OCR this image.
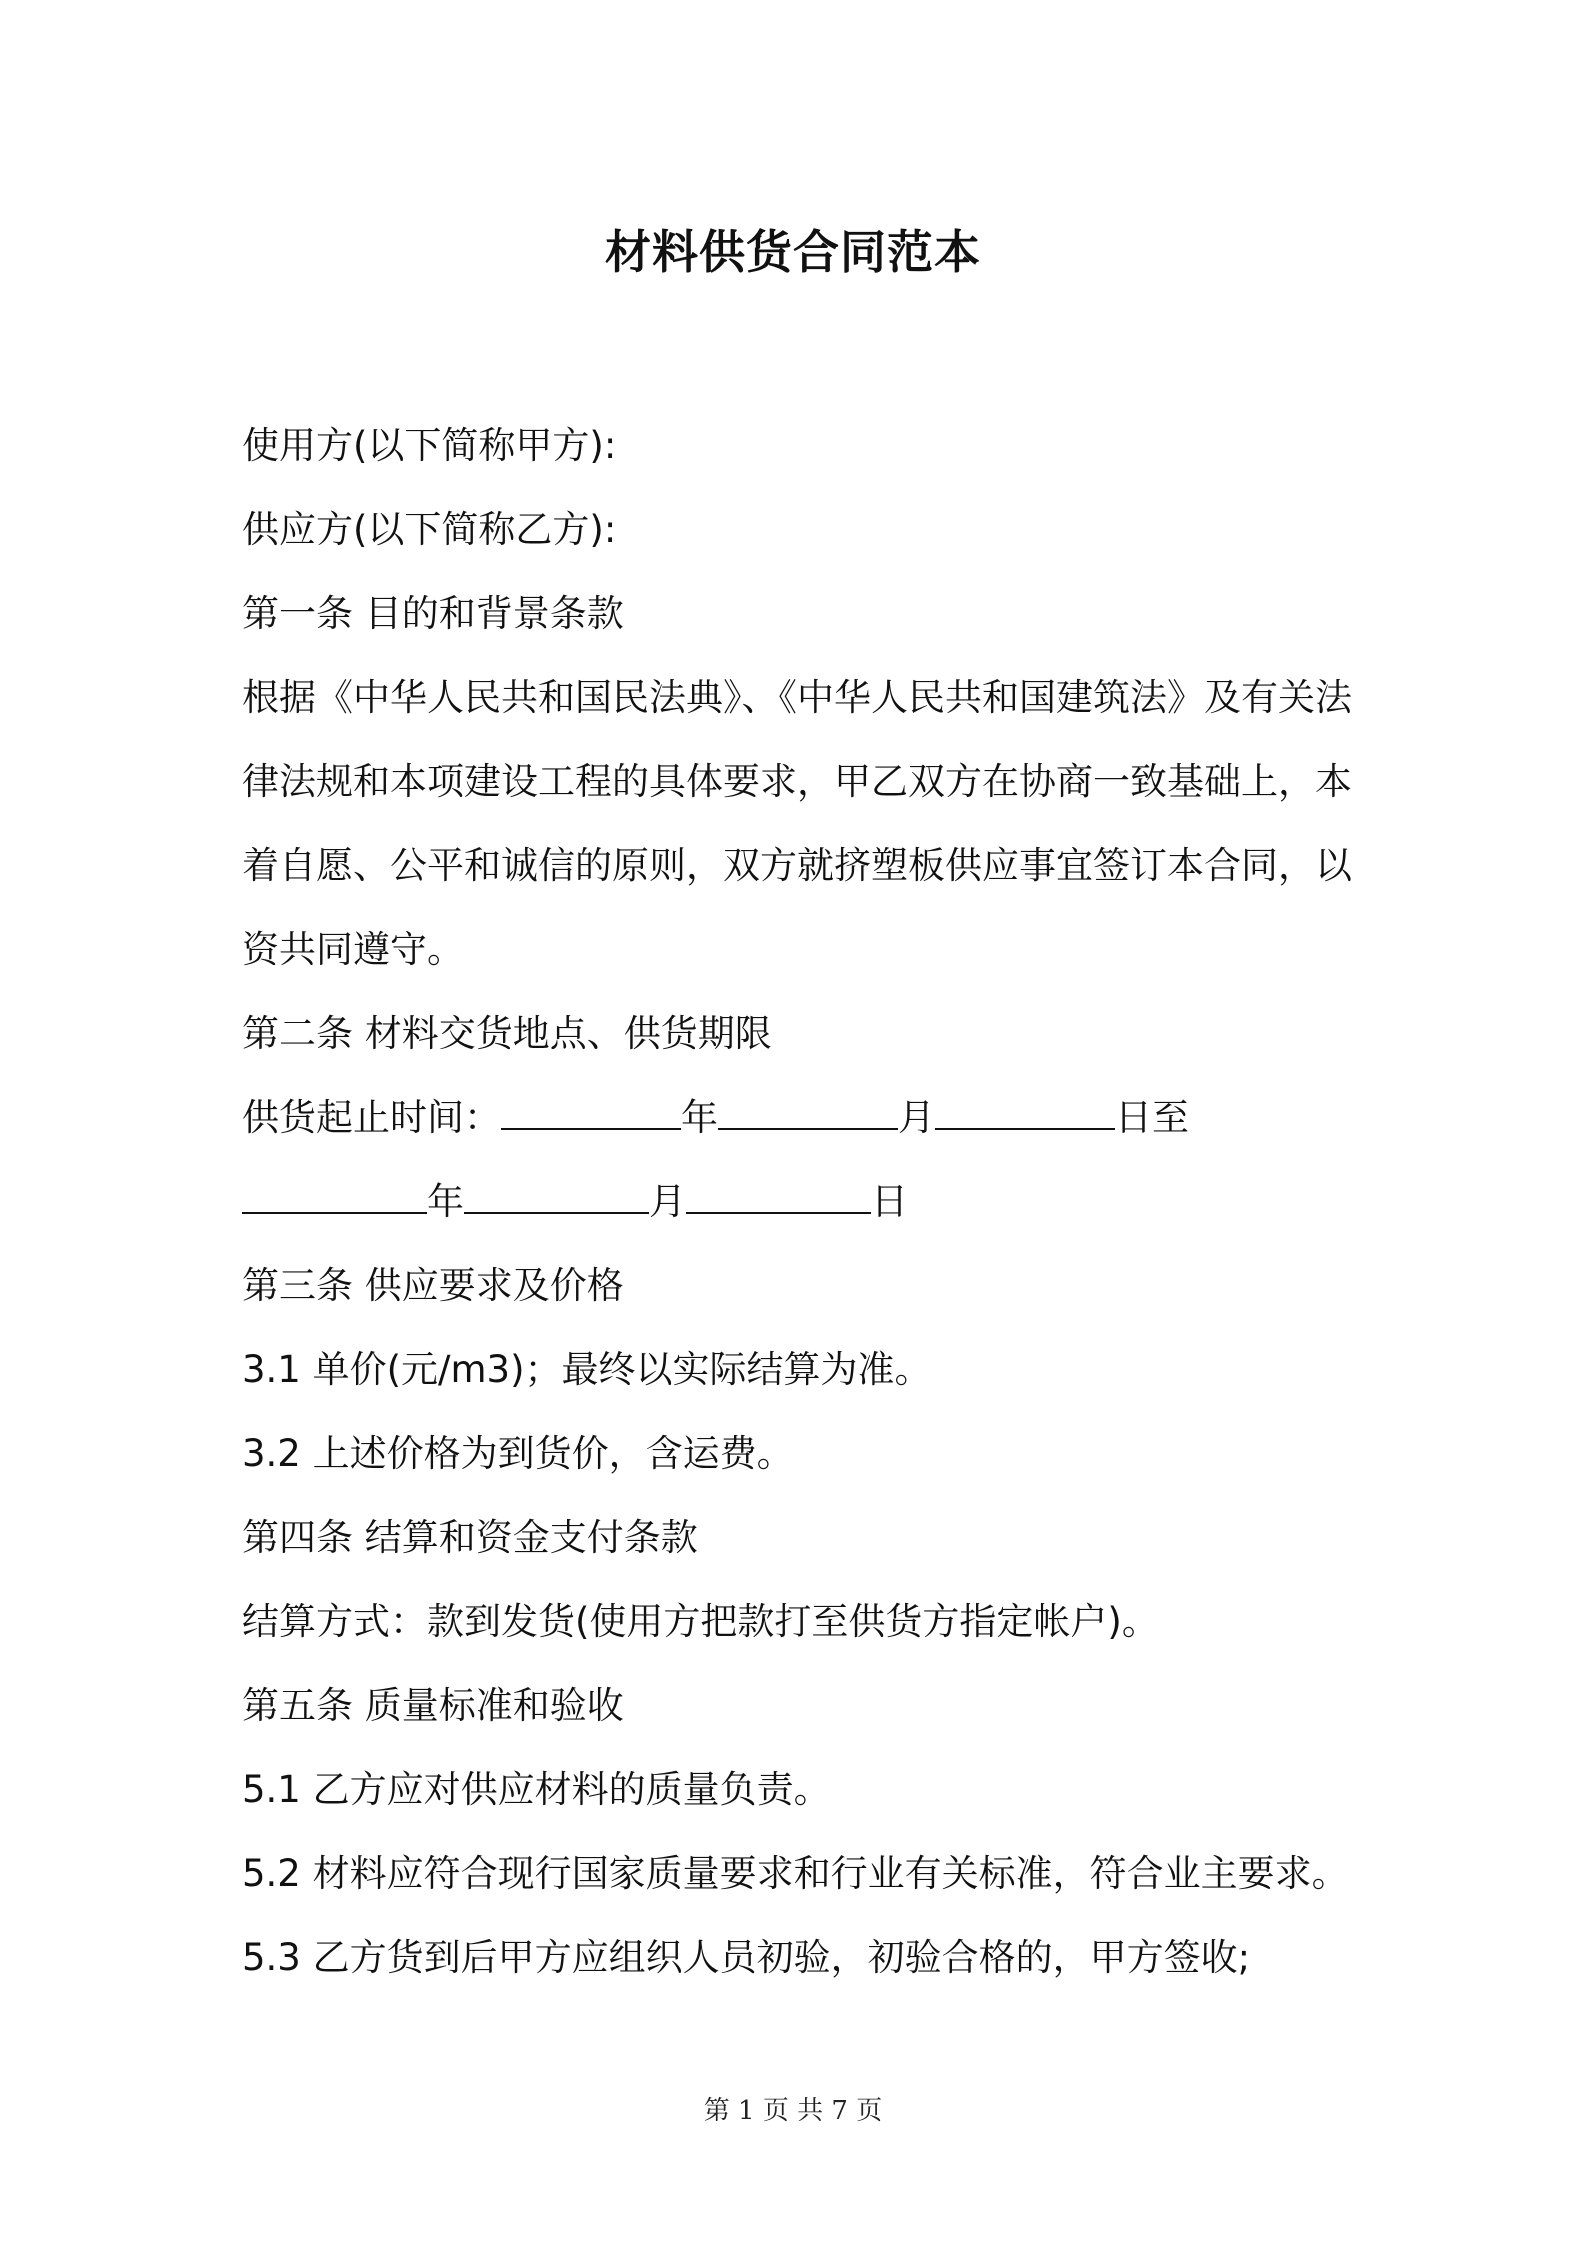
材料供货合同范本
使用方(以下简称甲方):
供应方(以下简称乙方):
第一条 目的和背景条款
根据《中华人民共和国民法典》、《中华人民共和国建筑法》及有关法
律法规和本项建设工程的具体要求，甲乙双方在协商一致基础上，本
着自愿、公平和诚信的原则，双方就挤塑板供应事宜签订本合同，以
资共同遵守。
第二条 材料交货地点、供货期限
供货起止时间：	年	月	日至
年	月	日
第三条 供应要求及价格
3.1 单价(元/m3)；最终以实际结算为准。
3.2 上述价格为到货价，含运费。
第四条 结算和资金支付条款
结算方式：款到发货(使用方把款打至供货方指定帐户)。
第五条 质量标准和验收
5.1 乙方应对供应材料的质量负责。
5.2 材料应符合现行国家质量要求和行业有关标准，符合业主要求。
5.3 乙方货到后甲方应组织人员初验，初验合格的，甲方签收;
第 1 页 共 7 页
